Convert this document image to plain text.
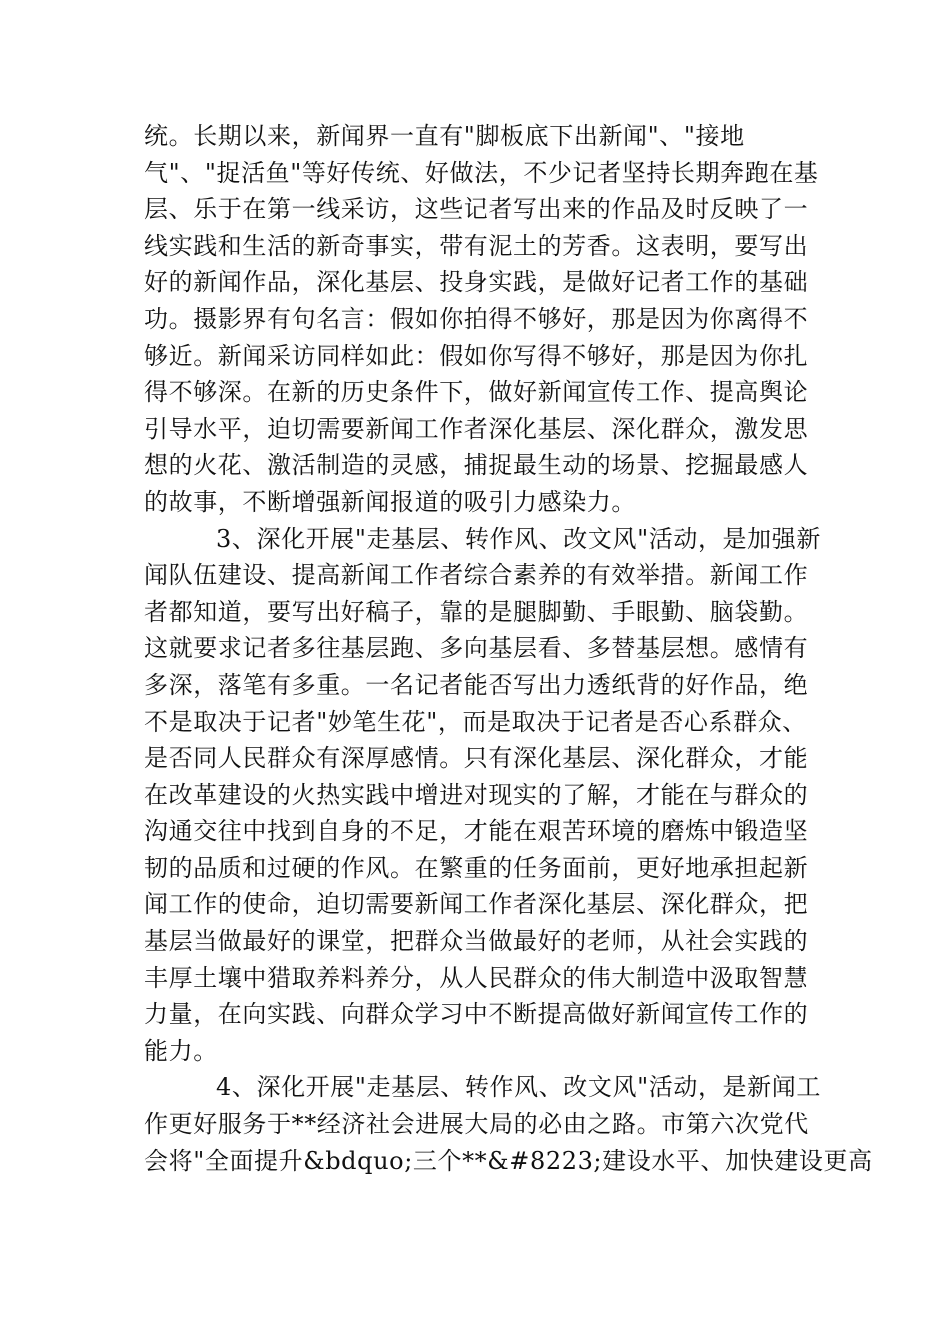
统。长期以来，新闻界一直有"脚板底下出新闻"、"接地
气"、"捉活鱼"等好传统、好做法，不少记者坚持长期奔跑在基
层、乐于在第一线采访，这些记者写出来的作品及时反映了一
线实践和生活的新奇事实，带有泥土的芳香。这表明，要写出
好的新闻作品，深化基层、投身实践，是做好记者工作的基础
功。摄影界有句名言：假如你拍得不够好，那是因为你离得不
够近。新闻采访同样如此：假如你写得不够好，那是因为你扎
得不够深。在新的历史条件下，做好新闻宣传工作、提高舆论
引导水平，迫切需要新闻工作者深化基层、深化群众，激发思
想的火花、激活制造的灵感，捕捉最生动的场景、挖掘最感人
的故事，不断增强新闻报道的吸引力感染力。
3、深化开展"走基层、转作风、改文风"活动，是加强新
闻队伍建设、提高新闻工作者综合素养的有效举措。新闻工作
者都知道，要写出好稿子，靠的是腿脚勤、手眼勤、脑袋勤。
这就要求记者多往基层跑、多向基层看、多替基层想。感情有
多深，落笔有多重。一名记者能否写出力透纸背的好作品，绝
不是取决于记者"妙笔生花"，而是取决于记者是否心系群众、
是否同人民群众有深厚感情。只有深化基层、深化群众，才能
在改革建设的火热实践中增进对现实的了解，才能在与群众的
沟通交往中找到自身的不足，才能在艰苦环境的磨炼中锻造坚
韧的品质和过硬的作风。在繁重的任务面前，更好地承担起新
闻工作的使命，迫切需要新闻工作者深化基层、深化群众，把
基层当做最好的课堂，把群众当做最好的老师，从社会实践的
丰厚土壤中猎取养料养分，从人民群众的伟大制造中汲取智慧
力量，在向实践、向群众学习中不断提高做好新闻宣传工作的
能力。
4、深化开展"走基层、转作风、改文风"活动，是新闻工
作更好服务于**经济社会进展大局的必由之路。市第六次党代
会将"全面提升&bdquo;三个**&#8223;建设水平、加快建设更高
